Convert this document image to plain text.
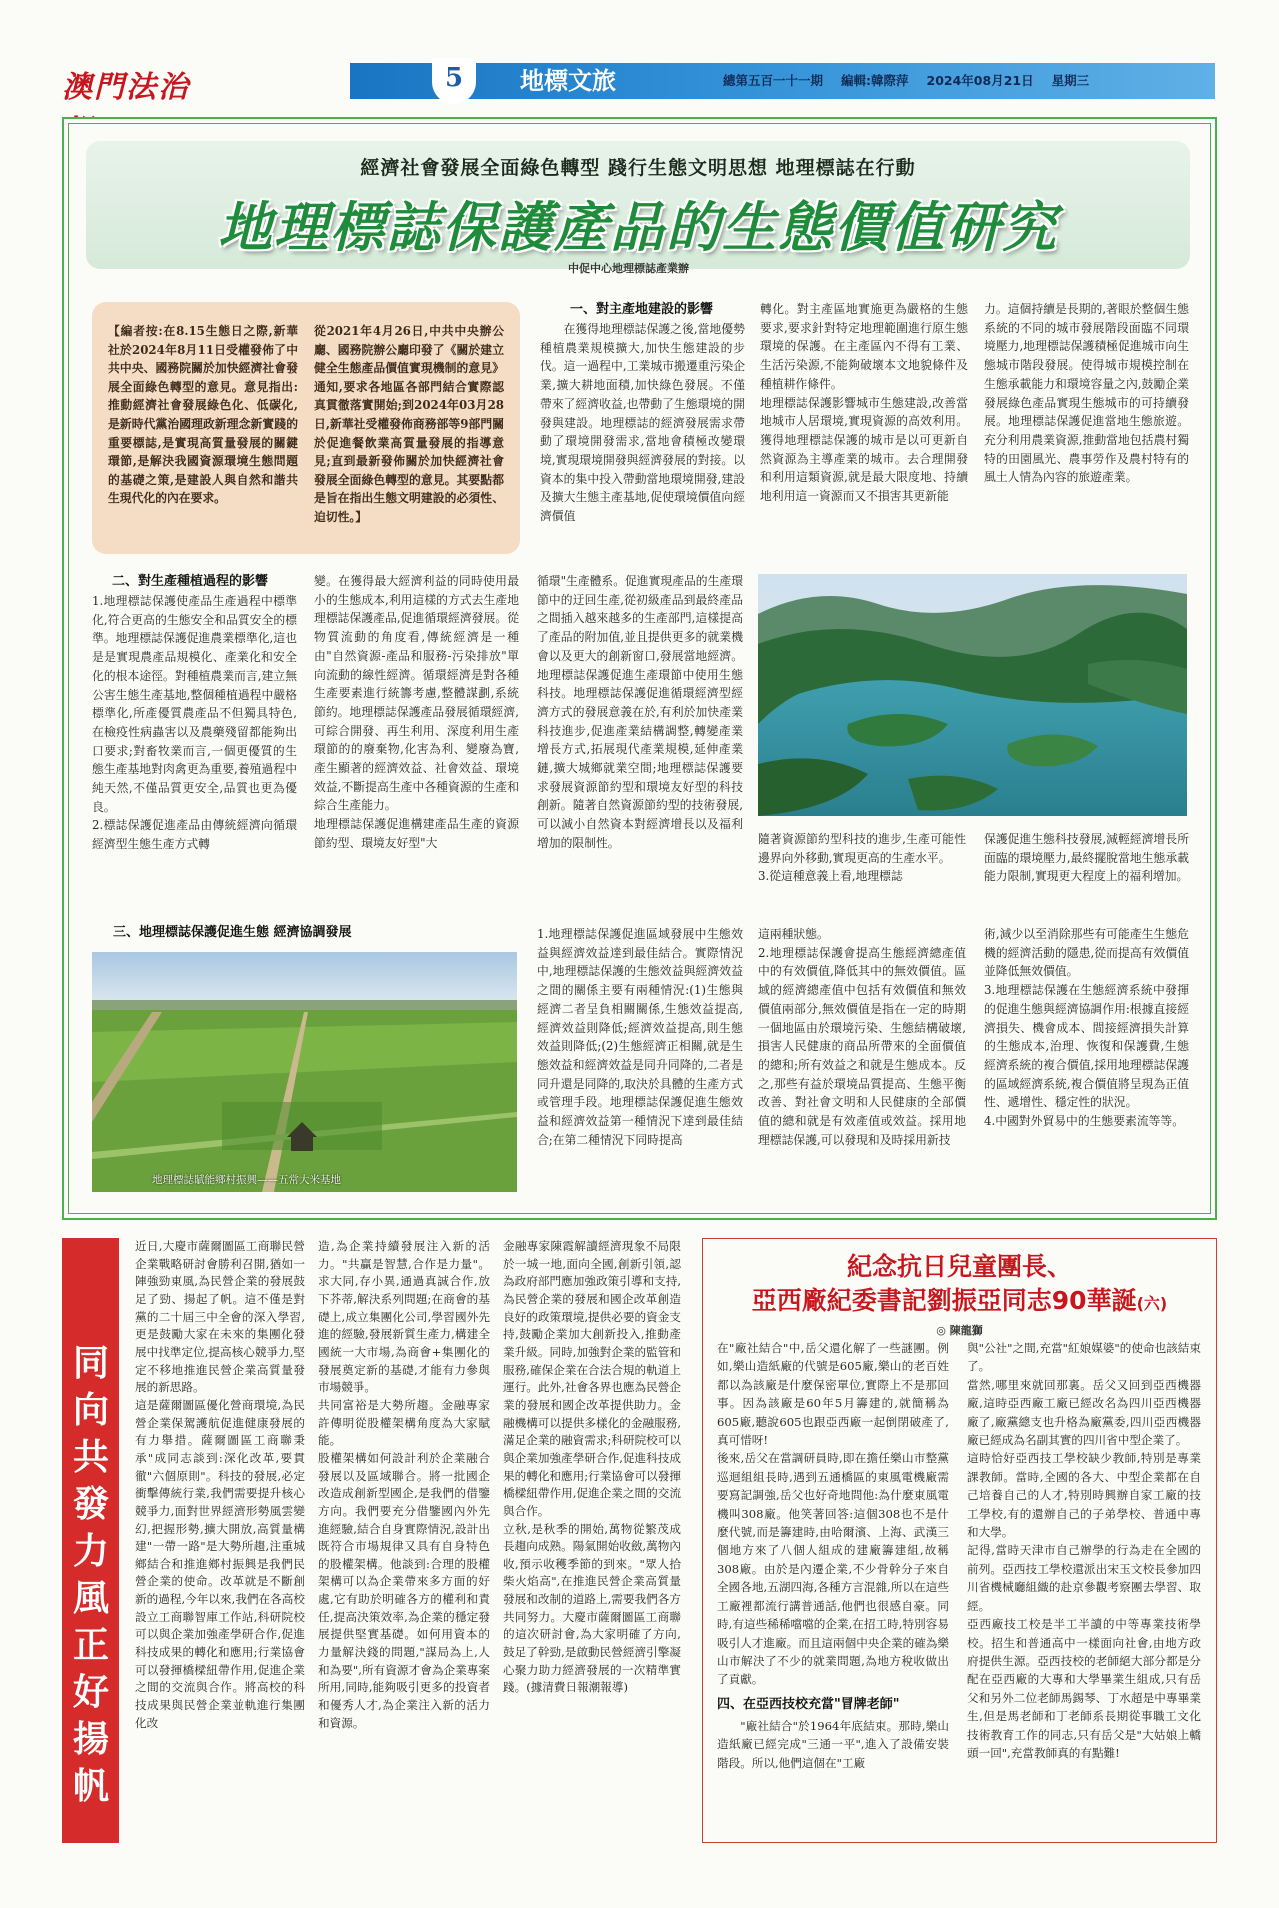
澳門法治	5	地標文旅	總第五百一十一期 編輯:韓際萍 2024年08月21日 星期三
經濟社會發展全面綠色轉型 踐行生態文明思想 地理標誌在行動
地理標誌保護產品的生態價值研究
中促中心地理標誌產業辦
【編者按:在8.15生態日之際,新華社於2024年8月11日受權發佈了中共中央、國務院關於加快經濟社會發展全面綠色轉型的意見。意見指出:推動經濟社會發展綠色化、低碳化,是新時代黨治國理政新理念新實踐的重要標誌,是實現高質量發展的關鍵環節,是解決我國資源環境生態問題的基礎之策,是建設人與自然和諧共生現代化的內在要求。
從2021年4月26日,中共中央辦公廳、國務院辦公廳印發了《關於建立健全生態產品價值實現機制的意見》通知,要求各地區各部門結合實際認真貫徹落實開始;到2024年03月28日,新華社受權發佈商務部等9部門關於促進餐飲業高質量發展的指導意見;直到最新發佈關於加快經濟社會發展全面綠色轉型的意見。其要點都是旨在指出生態文明建設的必須性、迫切性。】
一、對主產地建設的影響
在獲得地理標誌保護之後,當地優勢種植農業規模擴大,加快生態建設的步伐。這一過程中,工業城市搬遷重污染企業,擴大耕地面積,加快綠色發展。不僅帶來了經濟收益,也帶動了生態環境的開發與建設。地理標誌的經濟發展需求帶動了環境開發需求,當地會積極改變環境,實現環境開發與經濟發展的對接。以資本的集中投入帶動當地環境開發,建設及擴大生態主產基地,促使環境價值向經濟價值
轉化。對主產區地實施更為嚴格的生態要求,要求針對特定地理範圍進行原生態環境的保護。在主產區內不得有工業、生活污染源,不能夠破壞本文地貌條件及種植耕作條件。
地理標誌保護影響城市生態建設,改善當地城市人居環境,實現資源的高效利用。獲得地理標誌保護的城市是以可更新自然資源為主導產業的城市。去合理開發和利用這類資源,就是最大限度地、持續地利用這一資源而又不損害其更新能
力。這個持續是長期的,著眼於整個生態系統的不同的城市發展階段面臨不同環境壓力,地理標誌保護積極促進城市向生態城市階段發展。使得城市規模控制在生態承載能力和環境容量之內,鼓勵企業發展綠色產品實現生態城市的可持續發展。地理標誌保護促進當地生態旅遊。充分利用農業資源,推動當地包括農村獨特的田園風光、農事勞作及農村特有的風土人情為內容的旅遊產業。
二、對生產種植過程的影響
1.地理標誌保護使產品生產過程中標準化,符合更高的生態安全和品質安全的標準。地理標誌保護促進農業標準化,這也是是實現農產品規模化、產業化和安全化的根本途徑。對種植農業而言,建立無公害生態生產基地,整個種植過程中嚴格標準化,所產優質農產品不但獨具特色,在檢疫性病蟲害以及農藥殘留都能夠出口要求;對畜牧業而言,一個更優質的生態生產基地對肉禽更為重要,養殖過程中純天然,不僅品質更安全,品質也更為優良。
2.標誌保護促進產品由傳統經濟向循環經濟型生態生產方式轉
變。在獲得最大經濟利益的同時使用最小的生態成本,利用這樣的方式去生產地理標誌保護產品,促進循環經濟發展。從物質流動的角度看,傳統經濟是一種由"自然資源-產品和服務-污染排放"單向流動的線性經濟。循環經濟是對各種生產要素進行統籌考慮,整體謀劃,系統節約。地理標誌保護產品發展循環經濟,可綜合開發、再生利用、深度利用生產環節的的廢棄物,化害為利、變廢為寶,產生顯著的經濟效益、社會效益、環境效益,不斷提高生產中各種資源的生產和綜合生產能力。
地理標誌保護促進構建產品生產的資源節約型、環境友好型"大
循環"生產體系。促進實現產品的生產環節中的迂回生產,從初級產品到最終產品之間插入越來越多的生產部門,這樣提高了產品的附加值,並且提供更多的就業機會以及更大的創新窗口,發展當地經濟。地理標誌保護促進生產環節中使用生態科技。地理標誌保護促進循環經濟型經濟方式的發展意義在於,有利於加快產業科技進步,促進產業結構調整,轉變產業增長方式,拓展現代產業規模,延伸產業鏈,擴大城鄉就業空間;地理標誌保護要求發展資源節約型和環境友好型的科技創新。隨著自然資源節約型的技術發展,可以減小自然資本對經濟增長以及福利增加的限制性。	隨著資源節約型科技的進步,生產可能性邊界向外移動,實現更高的生產水平。
3.從這種意義上看,地理標誌
保護促進生態科技發展,減輕經濟增長所面臨的環境壓力,最終擺脫當地生態承載能力限制,實現更大程度上的福利增加。
三、地理標誌保護促進生態 經濟協調發展
地理標誌賦能鄉村振興——五常大米基地
1.地理標誌保護促進區域發展中生態效益與經濟效益達到最佳結合。實際情況中,地理標誌保護的生態效益與經濟效益之間的關係主要有兩種情況:(1)生態與經濟二者呈負相關關係,生態效益提高,經濟效益則降低;經濟效益提高,則生態效益則降低;(2)生態經濟正相關,就是生態效益和經濟效益是同升同降的,二者是同升還是同降的,取決於具體的生產方式或管理手段。地理標誌保護促進生態效益和經濟效益第一種情況下達到最佳結合;在第二種情況下同時提高
這兩種狀態。
2.地理標誌保護會提高生態經濟總產值中的有效價值,降低其中的無效價值。區域的經濟總產值中包括有效價值和無效價值兩部分,無效價值是指在一定的時期一個地區由於環境污染、生態結構破壞,損害人民健康的商品所帶來的全面價值的總和;所有效益之和就是生態成本。反之,那些有益於環境品質提高、生態平衡改善、對社會文明和人民健康的全部價值的總和就是有效產值或效益。採用地理標誌保護,可以發現和及時採用新技
術,減少以至消除那些有可能產生生態危機的經濟活動的隱患,從而提高有效價值並降低無效價值。
3.地理標誌保護在生態經濟系統中發揮的促進生態與經濟協調作用:根據直接經濟損失、機會成本、間接經濟損失計算的生態成本,治理、恢復和保護費,生態經濟系統的複合價值,採用地理標誌保護的區域經濟系統,複合價值將呈現為正值性、遞增性、穩定性的狀況。
4.中國對外貿易中的生態要素流等等。
同向共發力 風正好揚帆
近日,大慶市薩爾圖區工商聯民營企業戰略研討會勝利召開,猶如一陣強勁東風,為民營企業的發展鼓足了勁、揚起了帆。這不僅是對黨的二十屆三中全會的深入學習,更是鼓勵大家在未來的集團化發展中找準定位,提高核心競爭力,堅定不移地推進民營企業高質量發展的新思路。
這是薩爾圖區優化營商環境,為民營企業保駕護航促進健康發展的有力舉措。薩爾圖區工商聯秉承"成同志談到:深化改革,要貫徹"六個原則"。科技的發展,必定衝擊傳統行業,我們需要提升核心競爭力,面對世界經濟形勢風雲變幻,把握形勢,擴大開放,高質量構建"一帶一路"是大勢所趨,注重城鄉結合和推進鄉村振興是我們民營企業的使命。改革就是不斷創新的過程,今年以來,我們在各高校設立工商聯智庫工作站,科研院校可以與企業加強產學研合作,促進科技成果的轉化和應用;行業協會可以發揮橋樑紐帶作用,促進企業之間的交流與合作。將高校的科技成果與民營企業並軌進行集團化改
造,為企業持續發展注入新的活力。"共贏是智慧,合作是力量"。求大同,存小異,通過真誠合作,放下芥蒂,解決系列問題;在商會的基礎上,成立集團化公司,學習國外先進的經驗,發展新質生產力,構建全國統一大市場,為商會+集團化的發展奠定新的基礎,才能有力參與市場競爭。
共同富裕是大勢所趨。金融專家許傳明從股權架構角度為大家賦能。
股權架構如何設計利於企業融合發展以及區域聯合。將一批國企改造成創新型國企,是我們的借鑒方向。我們要充分借鑒國內外先進經驗,結合自身實際情況,設計出既符合市場規律又具有自身特色的股權架構。他談到:合理的股權架構可以為企業帶來多方面的好處,它有助於明確各方的權利和責任,提高決策效率,為企業的穩定發展提供堅實基礎。如何用資本的力量解決錢的問題,"謀局為上,人和為要",所有資源才會為企業專案所用,同時,能夠吸引更多的投資者和優秀人才,為企業注入新的活力和資源。
金融專家陳霞解讀經濟現象不局限於一城一地,面向全國,創新引領,認為政府部門應加強政策引導和支持,為民營企業的發展和國企改革創造良好的政策環境,提供必要的資金支持,鼓勵企業加大創新投入,推動產業升級。同時,加強對企業的監管和服務,確保企業在合法合規的軌道上運行。此外,社會各界也應為民營企業的發展和國企改革提供助力。金融機構可以提供多樣化的金融服務,滿足企業的融資需求;科研院校可以與企業加強產學研合作,促進科技成果的轉化和應用;行業協會可以發揮橋樑紐帶作用,促進企業之間的交流與合作。
立秋,是秋季的開始,萬物從繁茂成長趨向成熟。陽氣開始收斂,萬物內收,預示收穫季節的到來。"眾人拾柴火焰高",在推進民營企業高質量發展和改制的道路上,需要我們各方共同努力。大慶市薩爾圖區工商聯的這次研討會,為大家明確了方向,鼓足了幹勁,是啟動民營經濟引擎凝心聚力助力經濟發展的一次精準實踐。(據清費日報潮報導)
紀念抗日兒童團長、
亞西廠紀委書記劉振亞同志90華誕(六)
◎ 陳龍獅
在"廠社結合"中,岳父還化解了一些謎團。例如,樂山造紙廠的代號是605廠,樂山的老百姓都以為該廠是什麼保密單位,實際上不是那回事。因為該廠是60年5月籌建的,就簡稱為605廠,聽說605也跟亞西廠一起倒閉破產了,真可惜呀!
後來,岳父在當調研員時,即在擔任樂山市整黨巡迴組組長時,遇到五通橋區的東風電機廠需要寫記調強,岳父也好奇地問他:為什麼東風電機叫308廠。他笑著回答:這個308也不是什麼代號,而是籌建時,由哈爾濱、上海、武漢三個地方來了八個人組成的建廠籌建組,故稱308廠。由於是內遷企業,不少骨幹分子來自全國各地,五湖四海,各種方言混雜,所以在這些工廠裡都流行講普通話,他們也很感自豪。同時,有這些稀稀噹噹的企業,在招工時,特別容易吸引人才進廠。而且這兩個中央企業的確為樂山市解決了不少的就業問題,為地方稅收做出了貢獻。
四、在亞西技校充當"冒牌老師"
"廠社結合"於1964年底結束。那時,樂山造紙廠已經完成"三通一平",進入了設備安裝階段。所以,他們這個在"工廠
與"公社"之間,充當"紅娘媒婆"的使命也該結束了。
當然,哪里來就回那裏。岳父又回到亞西機器廠,這時亞西廠工廠已經改名為四川亞西機器廠了,廠黨總支也升格為廠黨委,四川亞西機器廠已經成為名副其實的四川省中型企業了。
這時恰好亞西技工學校缺少教師,特別是專業課教師。當時,全國的各大、中型企業都在自己培養自己的人才,特別時興辦自家工廠的技工學校,有的還辦自己的子弟學校、普通中專和大學。
記得,當時天津市自己辦學的行為走在全國的前列。亞西技工學校還派出宋玉文校長參加四川省機械廳組織的赴京參觀考察團去學習、取經。
亞西廠技工校是半工半讀的中等專業技術學校。招生和普通高中一樣面向社會,由地方政府提供生源。亞西技校的老師絕大部分都是分配在亞西廠的大專和大學畢業生組成,只有岳父和另外二位老師馬錫琴、丁水超是中專畢業生,但是馬老師和丁老師系長期從事職工文化技術教育工作的同志,只有岳父是"大姑娘上轎頭一回",充當教師真的有點難!
